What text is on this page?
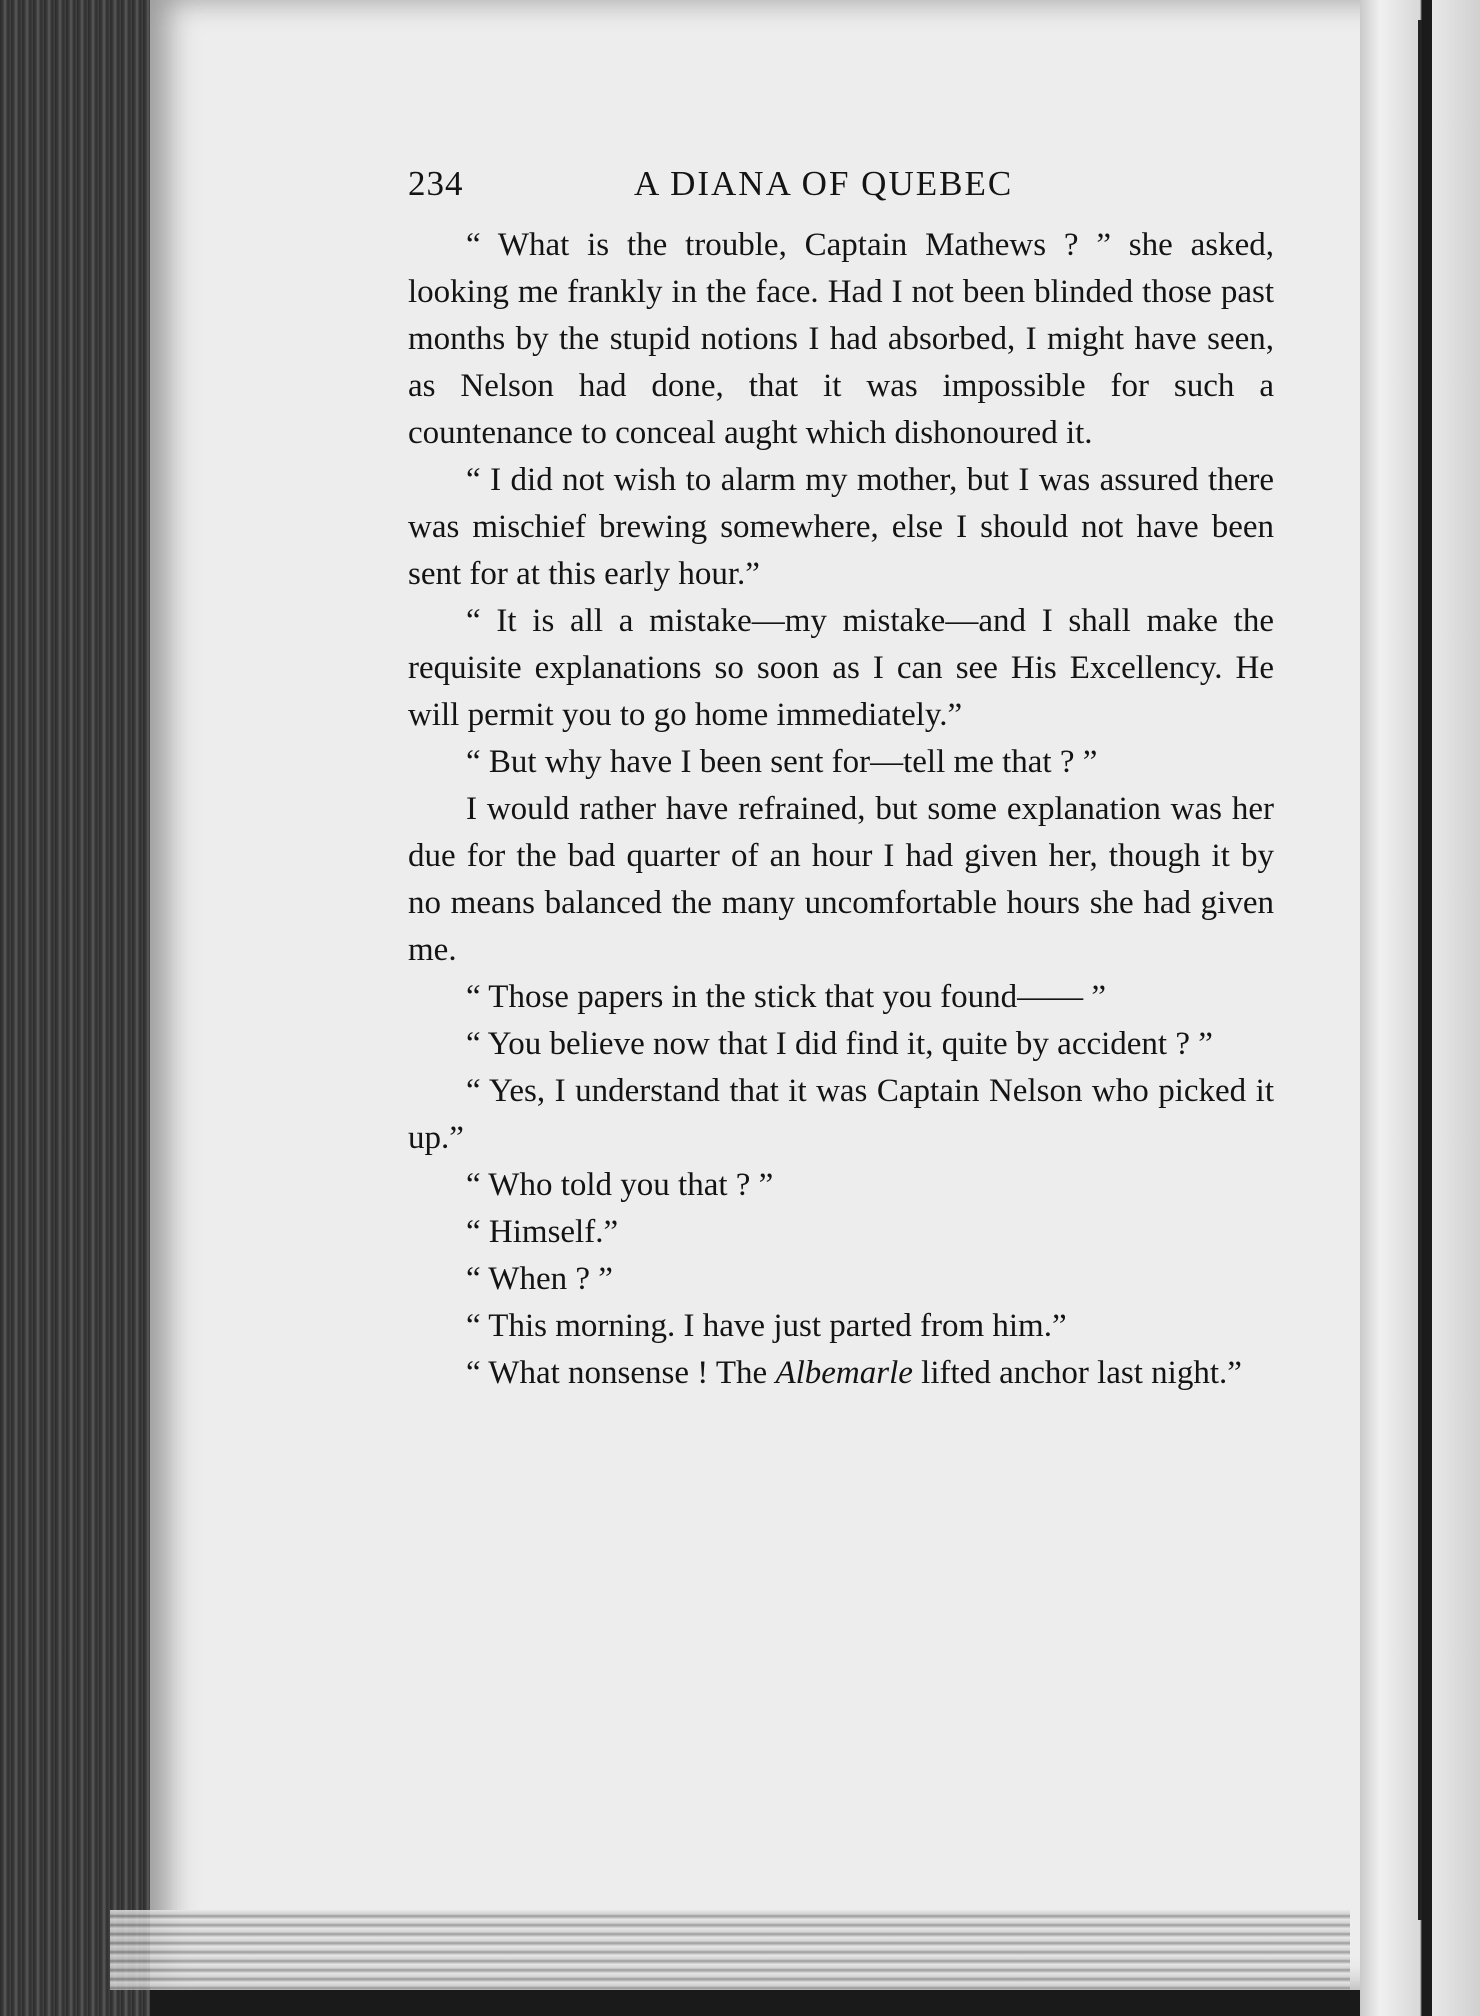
234	A DIANA OF QUEBEC

“ What is the trouble, Captain Mathews ? ” she asked, looking me frankly in the face. Had I not been blinded those past months by the stupid notions I had absorbed, I might have seen, as Nelson had done, that it was impossible for such a countenance to conceal aught which dishonoured it.

“ I did not wish to alarm my mother, but I was assured there was mischief brewing somewhere, else I should not have been sent for at this early hour.”

“ It is all a mistake—my mistake—and I shall make the requisite explanations so soon as I can see His Excellency. He will permit you to go home immediately.”

“ But why have I been sent for—tell me that ? ”

I would rather have refrained, but some explanation was her due for the bad quarter of an hour I had given her, though it by no means balanced the many uncomfortable hours she had given me.

“ Those papers in the stick that you found—— ”

“ You believe now that I did find it, quite by accident ? ”

“ Yes, I understand that it was Captain Nelson who picked it up.”

“ Who told you that ? ”

“ Himself.”

“ When ? ”

“ This morning. I have just parted from him.”

“ What nonsense ! The Albemarle lifted anchor last night.”
